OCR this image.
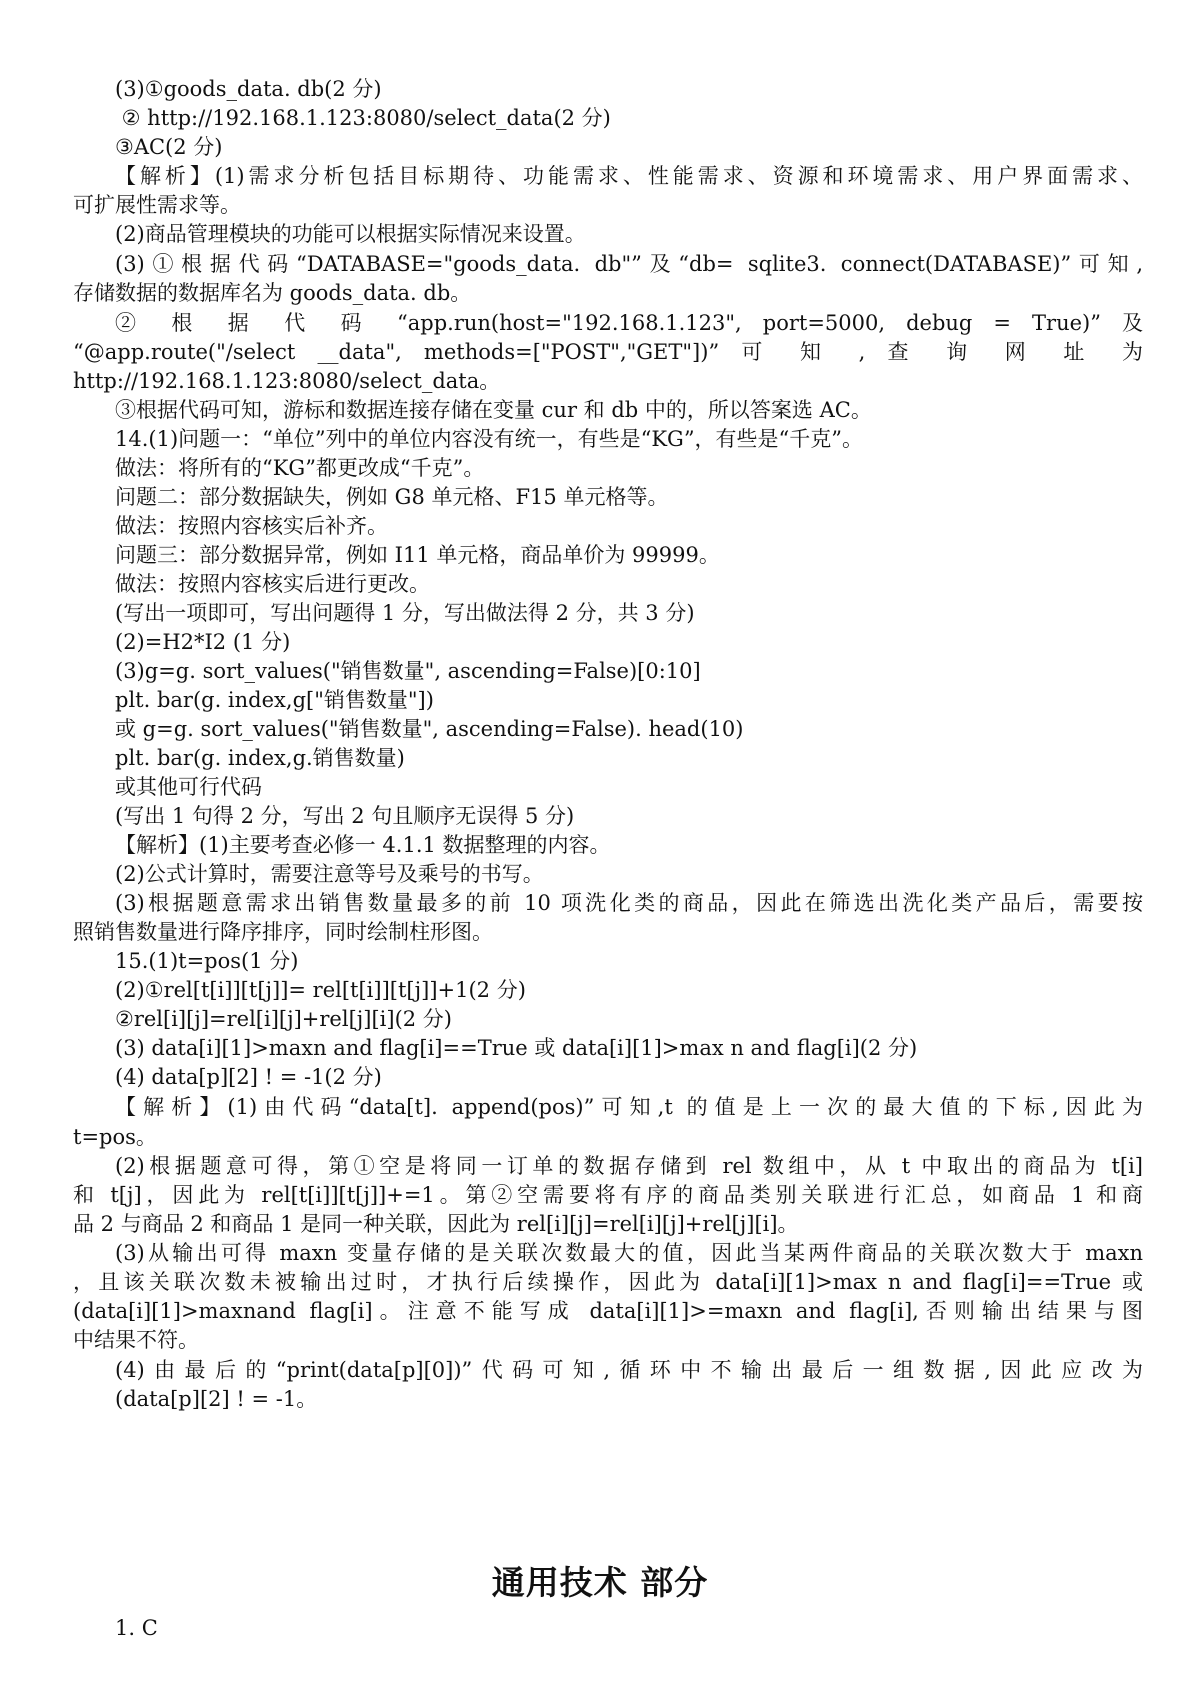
(3)①goods_data. db(2 分)
② http://192.168.1.123:8080/select_data(2 分)
③AC(2 分)
【解析】(1)需求分析包括目标期待、功能需求、性能需求、资源和环境需求、用户界面需求、
可扩展性需求等。
(2)商品管理模块的功能可以根据实际情况来设置。
(3)①根据代码“DATABASE="goods_data. db"”及“db= sqlite3. connect(DATABASE)”可知,
存储数据的数据库名为 goods_data. db。
② 根 据 代 码 “app.run(host="192.168.1.123", port=5000, debug = True)” 及
“@app.route("/select __data", methods=["POST","GET"])” 可 知 , 查 询 网 址 为
http://192.168.1.123:8080/select_data。
③根据代码可知，游标和数据连接存储在变量 cur 和 db 中的，所以答案选 AC。
14.(1)问题一：“单位”列中的单位内容没有统一，有些是“KG”，有些是“千克”。
做法：将所有的“KG”都更改成“千克”。
问题二：部分数据缺失，例如 G8 单元格、F15 单元格等。
做法：按照内容核实后补齐。
问题三：部分数据异常，例如 I11 单元格，商品单价为 99999。
做法：按照内容核实后进行更改。
(写出一项即可，写出问题得 1 分，写出做法得 2 分，共 3 分)
(2)=H2*I2 (1 分)
(3)g=g. sort_values("销售数量", ascending=False)[0:10]
plt. bar(g. index,g["销售数量"])
或 g=g. sort_values("销售数量", ascending=False). head(10)
plt. bar(g. index,g.销售数量)
或其他可行代码
(写出 1 句得 2 分，写出 2 句且顺序无误得 5 分)
【解析】(1)主要考查必修一 4.1.1 数据整理的内容。
(2)公式计算时，需要注意等号及乘号的书写。
(3)根据题意需求出销售数量最多的前 10 项洗化类的商品，因此在筛选出洗化类产品后，需要按
照销售数量进行降序排序，同时绘制柱形图。
15.(1)t=pos(1 分)
(2)①rel[t[i]][t[j]]= rel[t[i]][t[j]]+1(2 分)
②rel[i][j]=rel[i][j]+rel[j][i](2 分)
(3) data[i][1]>maxn and flag[i]==True 或 data[i][1]>max n and flag[i](2 分)
(4) data[p][2] ! = -1(2 分)
【解析】(1)由代码“data[t]. append(pos)”可知,t 的值是上一次的最大值的下标,因此为
t=pos。
(2)根据题意可得，第①空是将同一订单的数据存储到 rel 数组中，从 t 中取出的商品为 t[i]
和 t[j]，因此为 rel[t[i]][t[j]]+=1。第②空需要将有序的商品类别关联进行汇总，如商品 1 和商
品 2 与商品 2 和商品 1 是同一种关联，因此为 rel[i][j]=rel[i][j]+rel[j][i]。
(3)从输出可得 maxn 变量存储的是关联次数最大的值，因此当某两件商品的关联次数大于 maxn
，且该关联次数未被输出过时，才执行后续操作，因此为 data[i][1]>max n and flag[i]==True 或
(data[i][1]>maxnand flag[i]。注意不能写成 data[i][1]>=maxn and flag[i],否则输出结果与图
中结果不符。
(4)由最后的“print(data[p][0])”代码可知,循环中不输出最后一组数据,因此应改为
(data[p][2] ! = -1。
通用技术 部分
1. C
